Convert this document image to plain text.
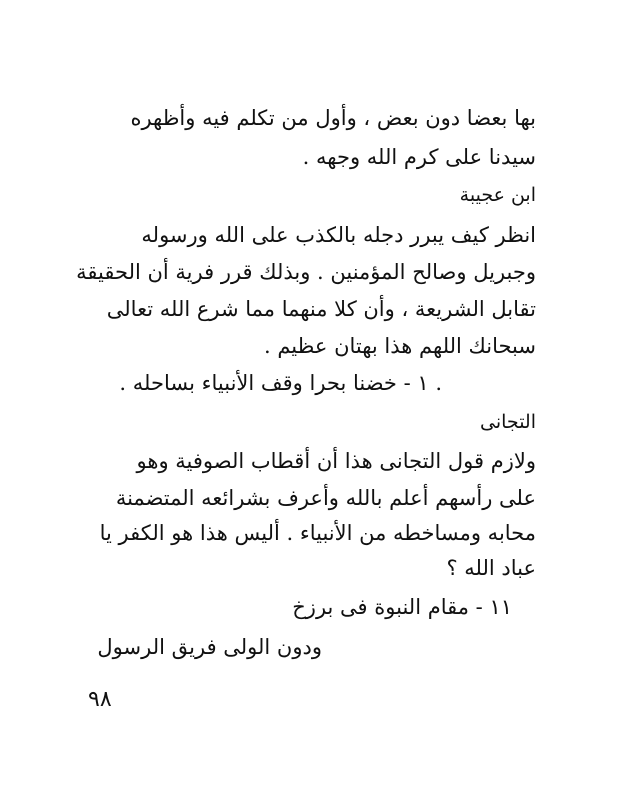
بها بعضا دون بعض ، وأول من تكلم فيه وأظهره
سيدنا على كرم الله وجهه .
ابن عجيبة
انظر كيف يبرر دجله بالكذب على الله ورسوله
وجبريل وصالح المؤمنين . وبذلك قرر فرية أن الحقيقة
تقابل الشريعة ، وأن كلا منهما مما شرع الله تعالى
سبحانك اللهم هذا بهتان عظيم .
. ١ - خضنا بحرا وقف الأنبياء بساحله .
التجانى
ولازم قول التجانى هذا أن أقطاب الصوفية وهو
على رأسهم أعلم بالله وأعرف بشرائعه المتضمنة
محابه ومساخطه من الأنبياء . أليس هذا هو الكفر يا
عباد الله ؟
١١ - مقام النبوة فى برزخ
ودون الولى فريق الرسول
٩٨
